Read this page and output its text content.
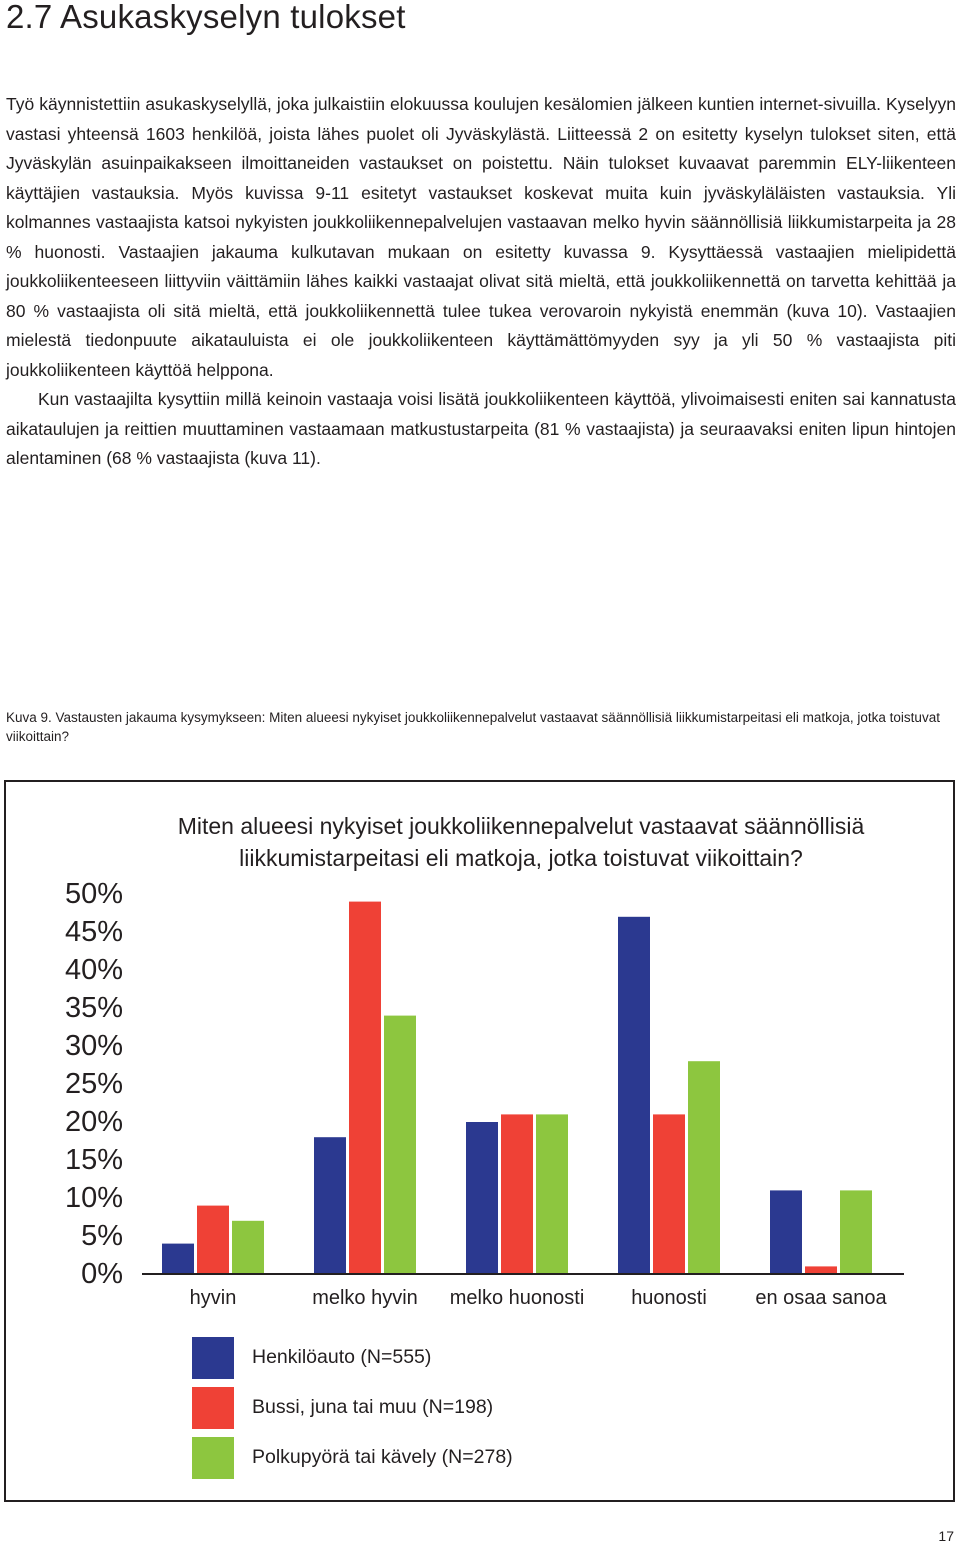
2.7 Asukaskyselyn tulokset

Työ käynnistettiin asukaskyselyllä, joka julkaistiin elokuussa koulujen kesälomien jälkeen kuntien internet-sivuilla. Kyselyyn vastasi yhteensä 1603 henkilöä, joista lähes puolet oli Jyväskylästä. Liitteessä 2 on esitetty kyselyn tulokset siten, että Jyväskylän asuinpaikakseen ilmoittaneiden vastaukset on poistettu. Näin tulokset kuvaavat paremmin ELY-liikenteen käyttäjien vastauksia. Myös kuvissa 9-11 esitetyt vastaukset koskevat muita kuin jyväskyläläisten vastauksia. Yli kolmannes vastaajista katsoi nykyisten joukkoliikennepalvelujen vastaavan melko hyvin säännöllisiä liikkumistarpeita ja 28 % huonosti. Vastaajien jakauma kulkutavan mukaan on esitetty kuvassa 9. Kysyttäessä vastaajien mielipidettä joukkoliikenteeseen liittyviin väittämiin lähes kaikki vastaajat olivat sitä mieltä, että joukkoliikennettä on tarvetta kehittää ja 80 % vastaajista oli sitä mieltä, että joukkoliikennettä tulee tukea verovaroin nykyistä enemmän (kuva 10). Vastaajien mielestä tiedonpuute aikatauluista ei ole joukkoliikenteen käyttämättömyyden syy ja yli 50 % vastaajista piti joukkoliikenteen käyttöä helppona.

Kun vastaajilta kysyttiin millä keinoin vastaaja voisi lisätä joukkoliikenteen käyttöä, ylivoimaisesti eniten sai kannatusta aikataulujen ja reittien muuttaminen vastaamaan matkustustarpeita (81 % vastaajista) ja seuraavaksi eniten lipun hintojen alentaminen (68 % vastaajista (kuva 11).

Kuva 9. Vastausten jakauma kysymykseen: Miten alueesi nykyiset joukkoliikennepalvelut vastaavat säännöllisiä liikkumistarpeitasi eli matkoja, jotka toistuvat viikoittain?

Miten alueesi nykyiset joukkoliikennepalvelut vastaavat säännöllisiä liikkumistarpeitasi eli matkoja, jotka toistuvat viikoittain?

0%
5%
10%
15%
20%
25%
30%
35%
40%
45%
50%
hyvin	melko hyvin	melko huonosti	huonosti	en osaa sanoa
Henkilöauto (N=555)
Bussi, juna tai muu (N=198)
Polkupyörä tai kävely (N=278)
17
